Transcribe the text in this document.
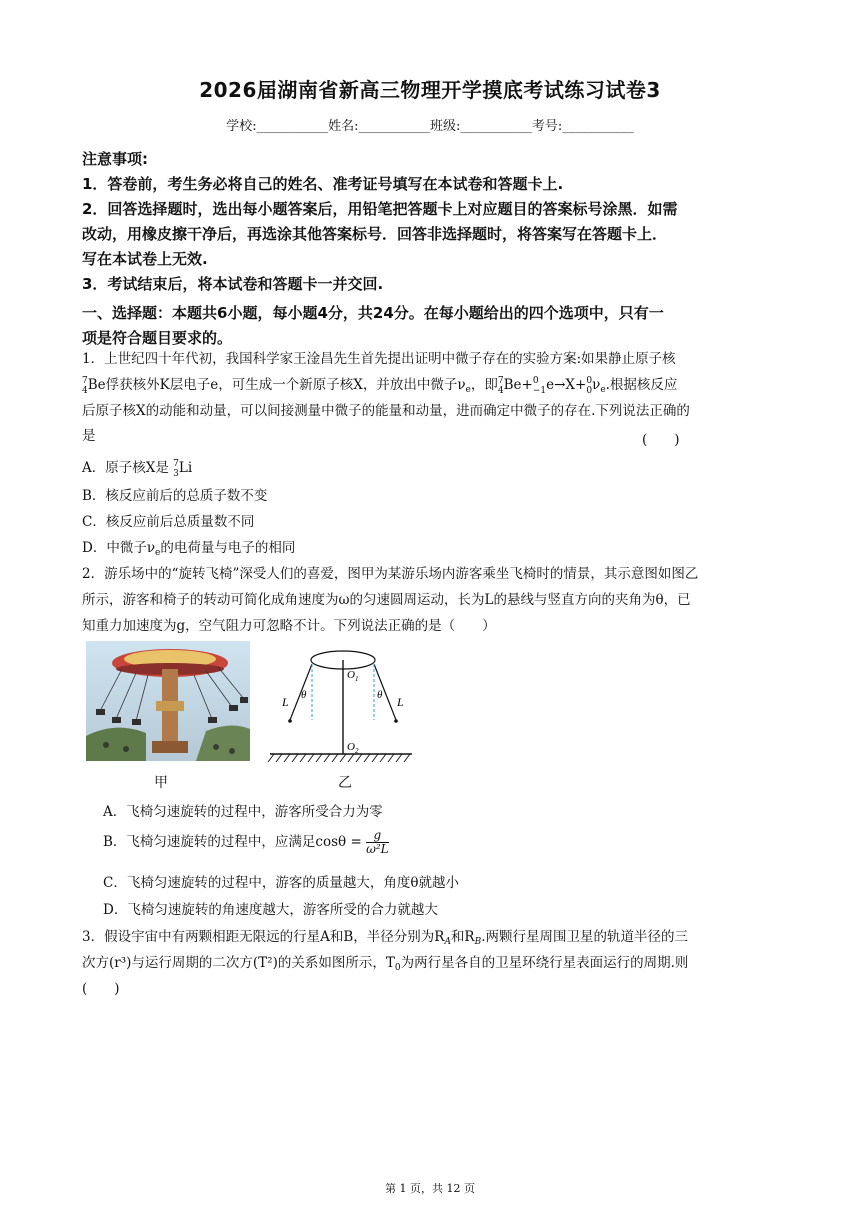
2026届湖南省新高三物理开学摸底考试练习试卷3
学校:___________姓名:___________班级:___________考号:___________
注意事项:
1．答卷前，考生务必将自己的姓名、准考证号填写在本试卷和答题卡上.
2．回答选择题时，选出每小题答案后，用铅笔把答题卡上对应题目的答案标号涂黑．如需
改动，用橡皮擦干净后，再选涂其他答案标号．回答非选择题时，将答案写在答题卡上．
写在本试卷上无效.
3．考试结束后，将本试卷和答题卡一并交回.
一、选择题：本题共6小题，每小题4分，共24分。在每小题给出的四个选项中，只有一
项是符合题目要求的。
1．上世纪四十年代初，我国科学家王淦昌先生首先提出证明中微子存在的实验方案:如果静止原子核
7
4Be俘获核外K层电子e，可生成一个新原子核X，并放出中微子$\nu_e$，即7
4Be+0
−1e→X+0
$0\nu_e$.根据核反应
后原子核X的动能和动量，可以间接测量中微子的能量和动量，进而确定中微子的存在.下列说法正确的
是	(　　)
A．原子核X是 7
3Li
B．核反应前后的总质子数不变
C．核反应前后总质量数不同
D．中微子$\nu_e$的电荷量与电子的相同
2．游乐场中的“旋转飞椅”深受人们的喜爱，图甲为某游乐场内游客乘坐飞椅时的情景，其示意图如图乙
所示，游客和椅子的转动可简化成角速度为ω的匀速圆周运动，长为L的悬线与竖直方向的夹角为θ，已
知重力加速度为g，空气阻力可忽略不计。下列说法正确的是（　　）
甲
$O_1$
$O_2$
L	L
θ	θ
乙
A．飞椅匀速旋转的过程中，游客所受合力为零
B．飞椅匀速旋转的过程中，应满足$\cos\theta = \frac{g}{\text{ω²L}}$
C．飞椅匀速旋转的过程中，游客的质量越大，角度θ就越小
D．飞椅匀速旋转的角速度越大，游客所受的合力就越大
3．假设宇宙中有两颗相距无限远的行星A和B，半径分别为$R_A$和$R_B$.两颗行星周围卫星的轨道半径的三
次方(r³)与运行周期的二次方(T²)的关系如图所示，$T_0$为两行星各自的卫星环绕行星表面运行的周期.则
(　　)
第 1 页，共 12 页
